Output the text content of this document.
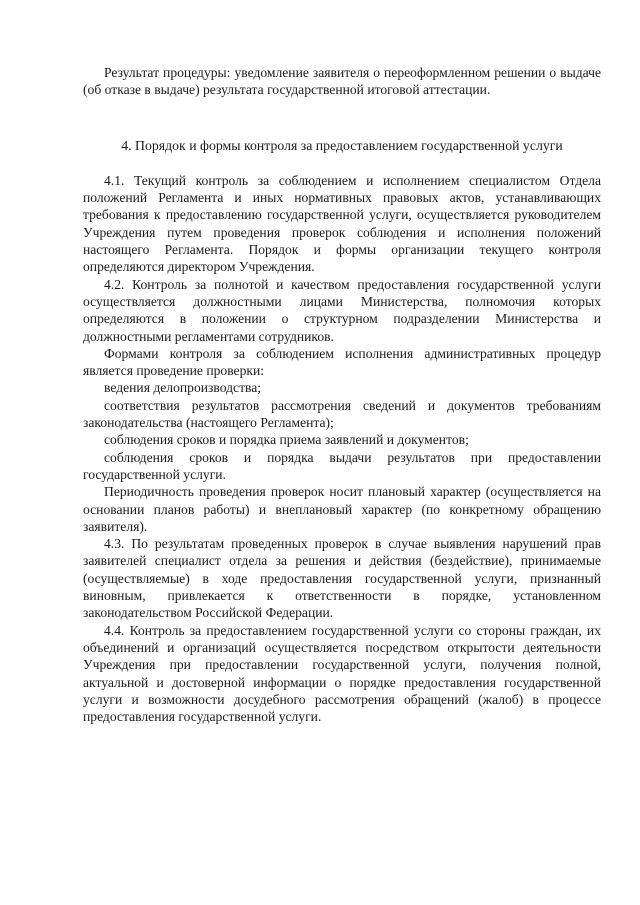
Результат процедуры: уведомление заявителя о переоформленном решении о выдаче (об отказе в выдаче) результата государственной итоговой аттестации.

4. Порядок и формы контроля за предоставлением государственной услуги

4.1. Текущий контроль за соблюдением и исполнением специалистом Отдела положений Регламента и иных нормативных правовых актов, устанавливающих требования к предоставлению государственной услуги, осуществляется руководителем Учреждения путем проведения проверок соблюдения и исполнения положений настоящего Регламента. Порядок и формы организации текущего контроля определяются директором Учреждения.

4.2. Контроль за полнотой и качеством предоставления государственной услуги осуществляется должностными лицами Министерства, полномочия которых определяются в положении о структурном подразделении Министерства и должностными регламентами сотрудников.

Формами контроля за соблюдением исполнения административных процедур является проведение проверки:

ведения делопроизводства;

соответствия результатов рассмотрения сведений и документов требованиям законодательства (настоящего Регламента);

соблюдения сроков и порядка приема заявлений и документов;

соблюдения сроков и порядка выдачи результатов при предоставлении государственной услуги.

Периодичность проведения проверок носит плановый характер (осуществляется на основании планов работы) и внеплановый характер (по конкретному обращению заявителя).

4.3. По результатам проведенных проверок в случае выявления нарушений прав заявителей специалист отдела за решения и действия (бездействие), принимаемые (осуществляемые) в ходе предоставления государственной услуги, признанный виновным, привлекается к ответственности в порядке, установленном законодательством Российской Федерации.

4.4. Контроль за предоставлением государственной услуги со стороны граждан, их объединений и организаций осуществляется посредством открытости деятельности Учреждения при предоставлении государственной услуги, получения полной, актуальной и достоверной информации о порядке предоставления государственной услуги и возможности досудебного рассмотрения обращений (жалоб) в процессе предоставления государственной услуги.
